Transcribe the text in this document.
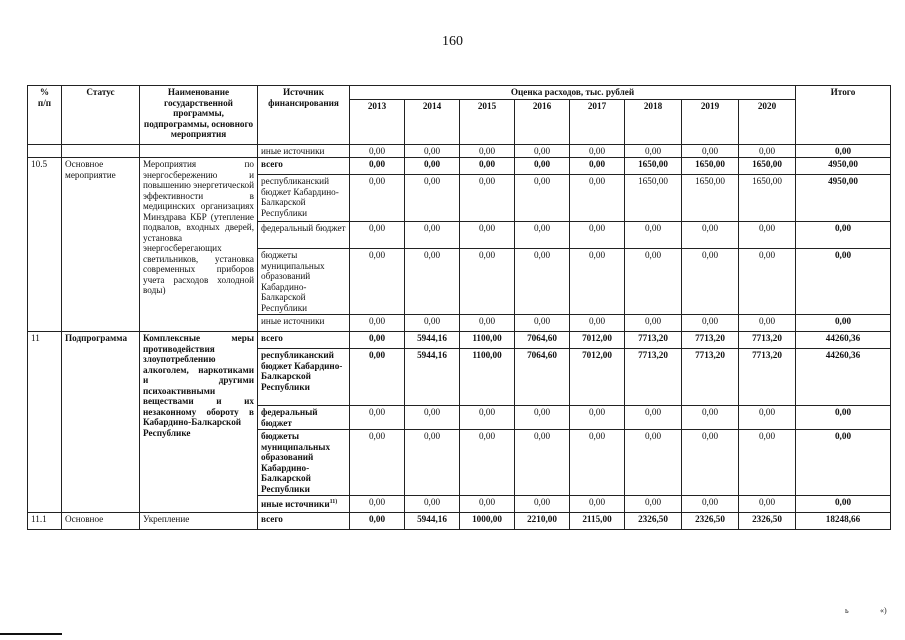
160
%
п/п	Статус	Наименование государственной программы, подпрограммы, основного мероприятия	Источник финансирования	Оценка расходов, тыс. рублей								Итого
				2013	2014	2015	2016	2017	2018	2019	2020	
			иные источники	0,00	0,00	0,00	0,00	0,00	0,00	0,00	0,00	0,00
10.5	Основное мероприятие	Мероприятия по энергосбережению и повышению энергетической эффективности в медицинских организациях Минздрава КБР (утепление подвалов, входных дверей, установка энергосберегающих светильников, установка современных приборов учета расходов холодной воды)	всего	0,00	0,00	0,00	0,00	0,00	1650,00	1650,00	1650,00	4950,00
			республиканский бюджет Кабардино-Балкарской Республики	0,00	0,00	0,00	0,00	0,00	1650,00	1650,00	1650,00	4950,00
			федеральный бюджет	0,00	0,00	0,00	0,00	0,00	0,00	0,00	0,00	0,00
			бюджеты муниципальных образований Кабардино-Балкарской Республики	0,00	0,00	0,00	0,00	0,00	0,00	0,00	0,00	0,00
			иные источники	0,00	0,00	0,00	0,00	0,00	0,00	0,00	0,00	0,00
11	Подпрограмма	Комплексные меры противодействия злоупотреблению алкоголем, наркотиками и другими психоактивными веществами и их незаконному обороту в Кабардино-Балкарской Республике	всего	0,00	5944,16	1100,00	7064,60	7012,00	7713,20	7713,20	7713,20	44260,36
			республиканский бюджет Кабардино-Балкарской Республики	0,00	5944,16	1100,00	7064,60	7012,00	7713,20	7713,20	7713,20	44260,36
			федеральный бюджет	0,00	0,00	0,00	0,00	0,00	0,00	0,00	0,00	0,00
			бюджеты муниципальных образований Кабардино-Балкарской Республики	0,00	0,00	0,00	0,00	0,00	0,00	0,00	0,00	0,00
			иные источники$^{11)}$	0,00	0,00	0,00	0,00	0,00	0,00	0,00	0,00	0,00
11.1	Основное	Укрепление	всего	0,00	5944,16	1000,00	2210,00	2115,00	2326,50	2326,50	2326,50	18248,66
ь	«)
